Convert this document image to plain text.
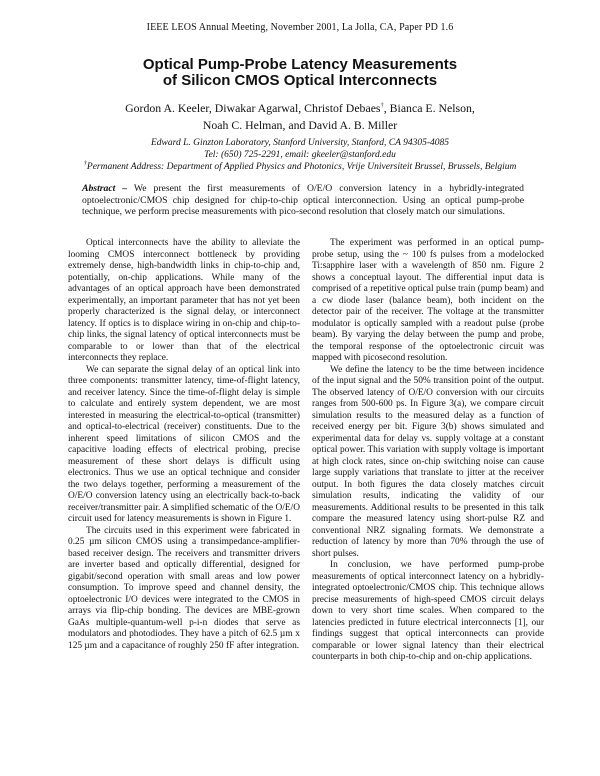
IEEE LEOS Annual Meeting, November 2001, La Jolla, CA, Paper PD 1.6
Optical Pump-Probe Latency Measurements
of Silicon CMOS Optical Interconnects
Gordon A. Keeler, Diwakar Agarwal, Christof Debaes†, Bianca E. Nelson,
Noah C. Helman, and David A. B. Miller
Edward L. Ginzton Laboratory, Stanford University, Stanford, CA 94305-4085
Tel: (650) 725-2291, email: gkeeler@stanford.edu
†Permanent Address: Department of Applied Physics and Photonics, Vrije Universiteit Brussel, Brussels, Belgium
Abstract – We present the first measurements of O/E/O conversion latency in a hybridly-integrated optoelectronic/CMOS chip designed for chip-to-chip optical interconnection. Using an optical pump-probe technique, we perform precise measurements with pico-second resolution that closely match our simulations.

Optical interconnects have the ability to alleviate the looming CMOS interconnect bottleneck by providing extremely dense, high-bandwidth links in chip-to-chip and, potentially, on-chip applications. While many of the advantages of an optical approach have been demonstrated experimentally, an important parameter that has not yet been properly characterized is the signal delay, or interconnect latency. If optics is to displace wiring in on-chip and chip-to-chip links, the signal latency of optical interconnects must be comparable to or lower than that of the electrical interconnects they replace.

We can separate the signal delay of an optical link into three components: transmitter latency, time-of-flight latency, and receiver latency. Since the time-of-flight delay is simple to calculate and entirely system dependent, we are most interested in measuring the electrical-to-optical (transmitter) and optical-to-electrical (receiver) constituents. Due to the inherent speed limitations of silicon CMOS and the capacitive loading effects of electrical probing, precise measurement of these short delays is difficult using electronics. Thus we use an optical technique and consider the two delays together, performing a measurement of the O/E/O conversion latency using an electrically back-to-back receiver/transmitter pair. A simplified schematic of the O/E/O circuit used for latency measurements is shown in Figure 1.

The circuits used in this experiment were fabricated in 0.25 µm silicon CMOS using a transimpedance-amplifier-based receiver design. The receivers and transmitter drivers are inverter based and optically differential, designed for gigabit/second operation with small areas and low power consumption. To improve speed and channel density, the optoelectronic I/O devices were integrated to the CMOS in arrays via flip-chip bonding. The devices are MBE-grown GaAs multiple-quantum-well p-i-n diodes that serve as modulators and photodiodes. They have a pitch of 62.5 µm x 125 µm and a capacitance of roughly 250 fF after integration.

The experiment was performed in an optical pump-probe setup, using the ~ 100 fs pulses from a modelocked Ti:sapphire laser with a wavelength of 850 nm. Figure 2 shows a conceptual layout. The differential input data is comprised of a repetitive optical pulse train (pump beam) and a cw diode laser (balance beam), both incident on the detector pair of the receiver. The voltage at the transmitter modulator is optically sampled with a readout pulse (probe beam). By varying the delay between the pump and probe, the temporal response of the optoelectronic circuit was mapped with picosecond resolution.

We define the latency to be the time between incidence of the input signal and the 50% transition point of the output. The observed latency of O/E/O conversion with our circuits ranges from 500-600 ps. In Figure 3(a), we compare circuit simulation results to the measured delay as a function of received energy per bit. Figure 3(b) shows simulated and experimental data for delay vs. supply voltage at a constant optical power. This variation with supply voltage is important at high clock rates, since on-chip switching noise can cause large supply variations that translate to jitter at the receiver output. In both figures the data closely matches circuit simulation results, indicating the validity of our measurements. Additional results to be presented in this talk compare the measured latency using short-pulse RZ and conventional NRZ signaling formats. We demonstrate a reduction of latency by more than 70% through the use of short pulses.

In conclusion, we have performed pump-probe measurements of optical interconnect latency on a hybridly-integrated optoelectronic/CMOS chip. This technique allows precise measurements of high-speed CMOS circuit delays down to very short time scales. When compared to the latencies predicted in future electrical interconnects [1], our findings suggest that optical interconnects can provide comparable or lower signal latency than their electrical counterparts in both chip-to-chip and on-chip applications.
